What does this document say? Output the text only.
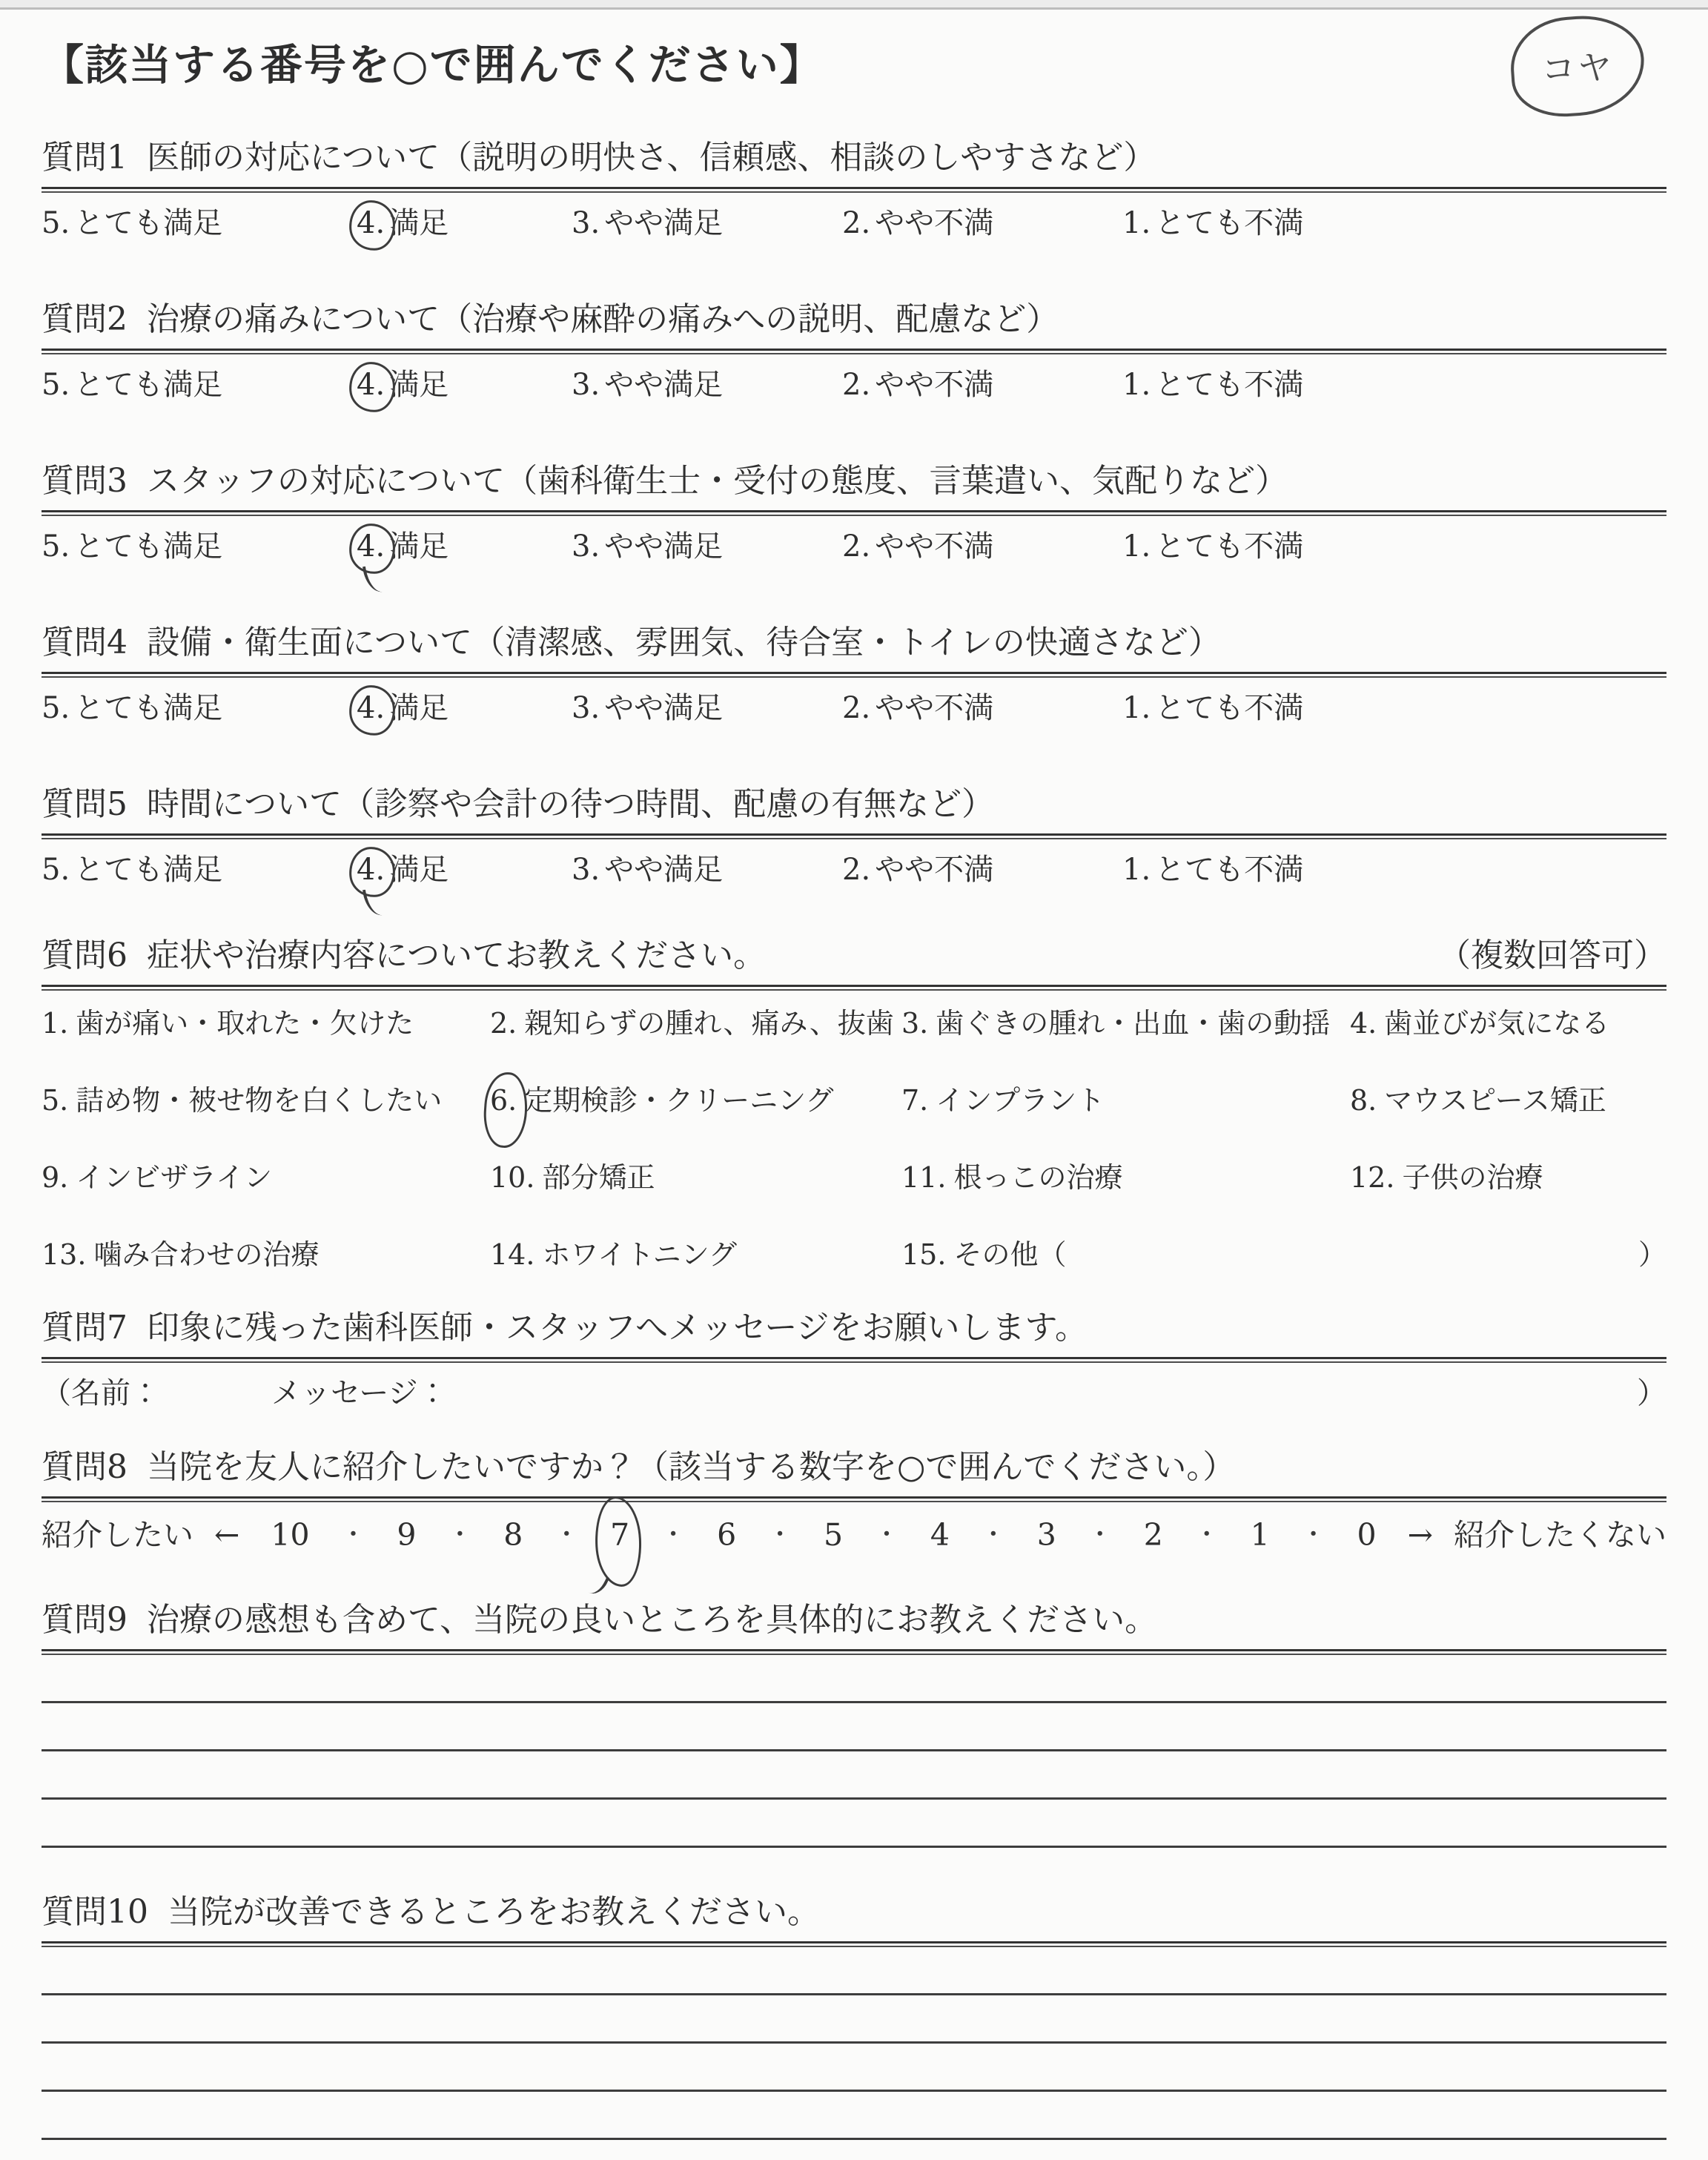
【該当する番号を○で囲んでください】	コヤ
質問1 医師の対応について（説明の明快さ、信頼感、相談のしやすさなど）
5. とても満足	4. 満足	3. やや満足	2. やや不満	1. とても不満
質問2 治療の痛みについて（治療や麻酔の痛みへの説明、配慮など）
5. とても満足	4. 満足	3. やや満足	2. やや不満	1. とても不満
質問3 スタッフの対応について（歯科衛生士・受付の態度、言葉遣い、気配りなど）
5. とても満足	4. 満足	3. やや満足	2. やや不満	1. とても不満
質問4 設備・衛生面について（清潔感、雰囲気、待合室・トイレの快適さなど）
5. とても満足	4. 満足	3. やや満足	2. やや不満	1. とても不満
質問5 時間について（診察や会計の待つ時間、配慮の有無など）
5. とても満足	4. 満足	3. やや満足	2. やや不満	1. とても不満
質問6 症状や治療内容についてお教えください。	（複数回答可）
1. 歯が痛い・取れた・欠けた	2. 親知らずの腫れ、痛み、抜歯 3. 歯ぐきの腫れ・出血・歯の動揺 4. 歯並びが気になる
5. 詰め物・被せ物を白くしたい	6. 定期検診・クリーニング	7. インプラント	8. マウスピース矯正
9. インビザライン	10. 部分矯正	11. 根っこの治療	12. 子供の治療
13. 噛み合わせの治療	14. ホワイトニング	15. その他（	）
質問7 印象に残った歯科医師・スタッフへメッセージをお願いします。
（名前：	メッセージ：	）
質問8 当院を友人に紹介したいですか？（該当する数字を○で囲んでください。）
紹介したい ← 10 ・ 9 ・ 8 ・ 7 ・ 6 ・ 5 ・ 4 ・ 3 ・ 2 ・ 1 ・ 0 → 紹介したくない
質問9 治療の感想も含めて、当院の良いところを具体的にお教えください。
質問10 当院が改善できるところをお教えください。
